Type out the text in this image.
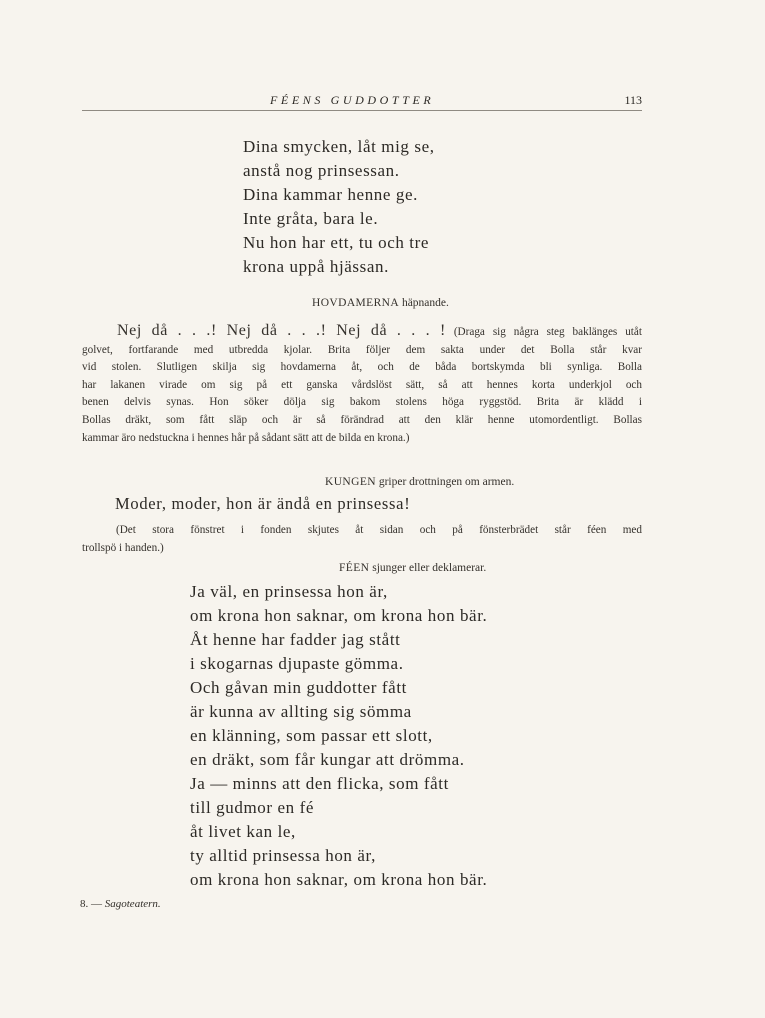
FÉENS GUDDOTTER	113
Dina smycken, låt mig se,
anstå nog prinsessan.
Dina kammar henne ge.
Inte gråta, bara le.
Nu hon har ett, tu och tre
krona uppå hjässan.
HOVDAMERNA häpnande.
Nej då . . .! Nej då . . .! Nej då . . . ! (Draga sig några steg baklänges utåt
golvet, fortfarande med utbredda kjolar. Brita följer dem sakta under det Bolla står kvar
vid stolen. Slutligen skilja sig hovdamerna åt, och de båda bortskymda bli synliga. Bolla
har lakanen virade om sig på ett ganska vårdslöst sätt, så att hennes korta underkjol och
benen delvis synas. Hon söker dölja sig bakom stolens höga ryggstöd. Brita är klädd i
Bollas dräkt, som fått släp och är så förändrad att den klär henne utomordentligt. Bollas
kammar äro nedstuckna i hennes hår på sådant sätt att de bilda en krona.)
KUNGEN griper drottningen om armen.
Moder, moder, hon är ändå en prinsessa!
(Det stora fönstret i fonden skjutes åt sidan och på fönsterbrädet står féen med
trollspö i handen.)
FÉEN sjunger eller deklamerar.
Ja väl, en prinsessa hon är,
om krona hon saknar, om krona hon bär.
Åt henne har fadder jag stått
i skogarnas djupaste gömma.
Och gåvan min guddotter fått
är kunna av allting sig sömma
en klänning, som passar ett slott,
en dräkt, som får kungar att drömma.
Ja — minns att den flicka, som fått
till gudmor en fé
åt livet kan le,
ty alltid prinsessa hon är,
om krona hon saknar, om krona hon bär.
8. — Sagoteatern.
